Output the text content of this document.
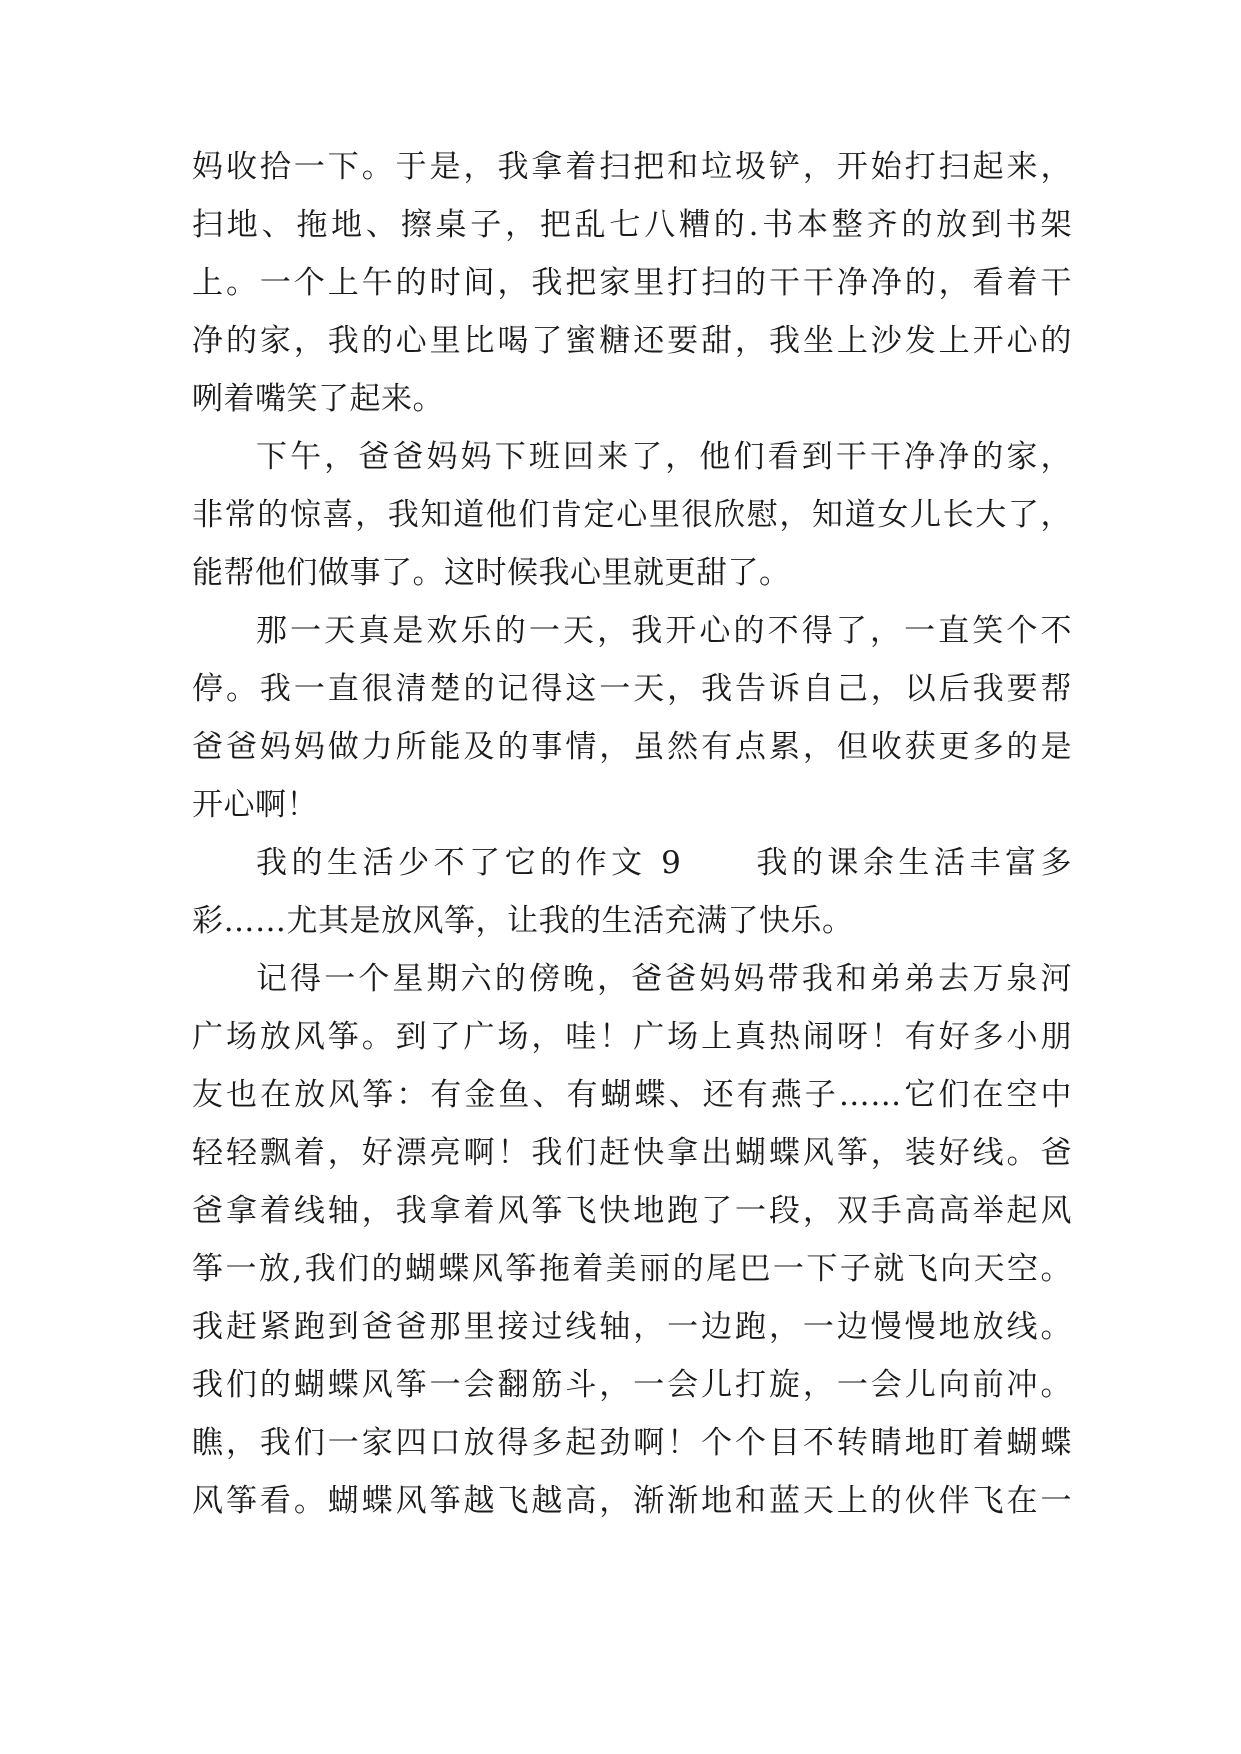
妈收拾一下。于是，我拿着扫把和垃圾铲，开始打扫起来，
扫地、拖地、擦桌子，把乱七八糟的.书本整齐的放到书架
上。一个上午的时间，我把家里打扫的干干净净的，看着干
净的家，我的心里比喝了蜜糖还要甜，我坐上沙发上开心的
咧着嘴笑了起来。
下午，爸爸妈妈下班回来了，他们看到干干净净的家，
非常的惊喜，我知道他们肯定心里很欣慰，知道女儿长大了，
能帮他们做事了。这时候我心里就更甜了。
那一天真是欢乐的一天，我开心的不得了，一直笑个不
停。我一直很清楚的记得这一天，我告诉自己，以后我要帮
爸爸妈妈做力所能及的事情，虽然有点累，但收获更多的是
开心啊！
我的生活少不了它的作文 9　　我的课余生活丰富多
彩……尤其是放风筝，让我的生活充满了快乐。
记得一个星期六的傍晚，爸爸妈妈带我和弟弟去万泉河
广场放风筝。到了广场，哇！广场上真热闹呀！有好多小朋
友也在放风筝：有金鱼、有蝴蝶、还有燕子……它们在空中
轻轻飘着，好漂亮啊！我们赶快拿出蝴蝶风筝，装好线。爸
爸拿着线轴，我拿着风筝飞快地跑了一段，双手高高举起风
筝一放,我们的蝴蝶风筝拖着美丽的尾巴一下子就飞向天空。
我赶紧跑到爸爸那里接过线轴，一边跑，一边慢慢地放线。
我们的蝴蝶风筝一会翻筋斗，一会儿打旋，一会儿向前冲。
瞧，我们一家四口放得多起劲啊！个个目不转睛地盯着蝴蝶
风筝看。蝴蝶风筝越飞越高，渐渐地和蓝天上的伙伴飞在一
